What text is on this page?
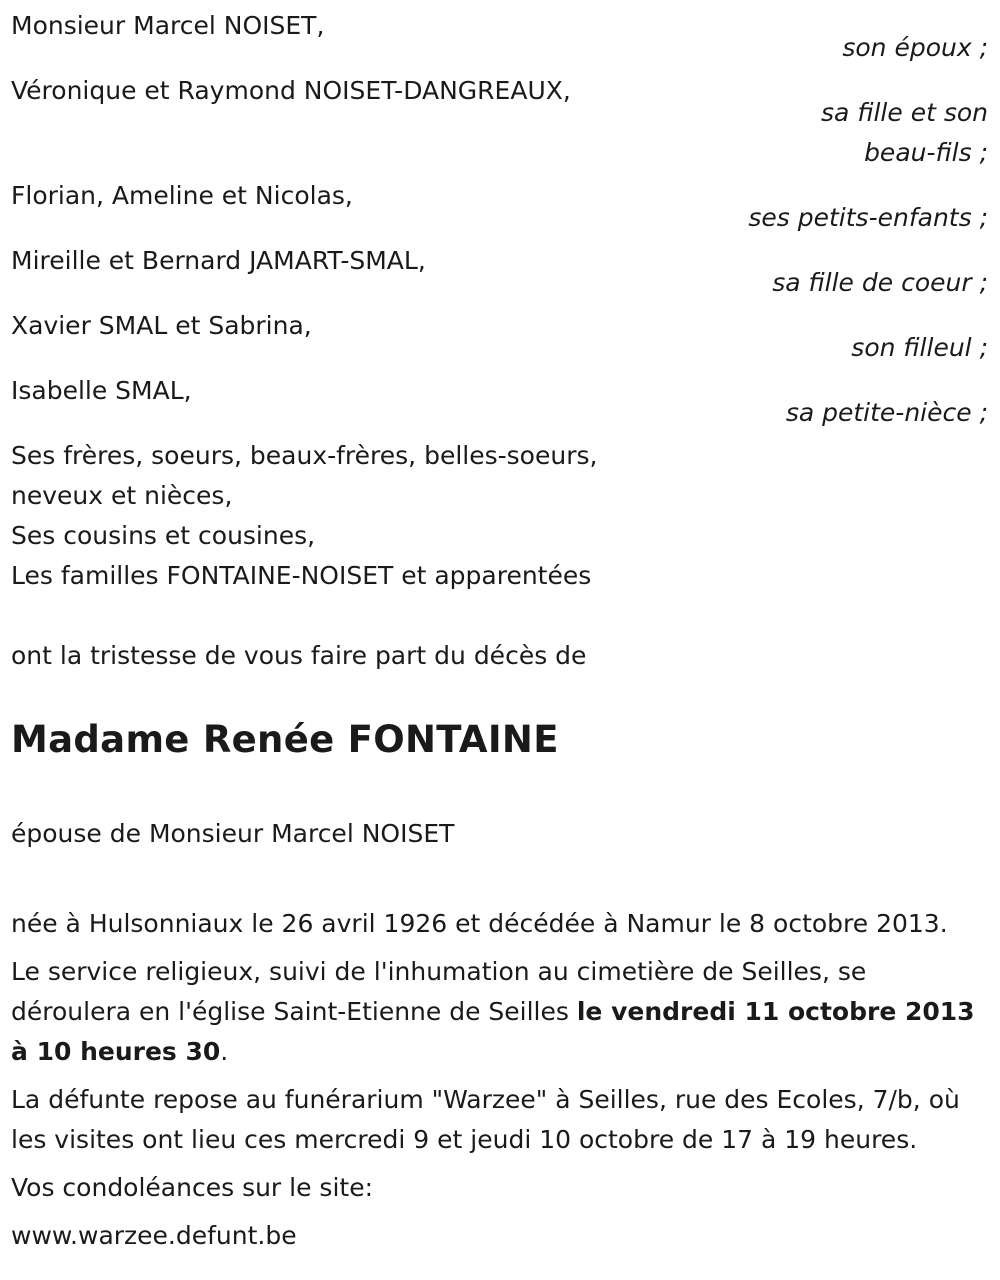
Monsieur Marcel NOISET,
son époux ;
Véronique et Raymond NOISET-DANGREAUX,
sa fille et son beau-fils ;
Florian, Ameline et Nicolas,
ses petits-enfants ;
Mireille et Bernard JAMART-SMAL,
sa fille de coeur ;
Xavier SMAL et Sabrina,
son filleul ;
Isabelle SMAL,
sa petite-nièce ;
Ses frères, soeurs, beaux-frères, belles-soeurs,
neveux et nièces,
Ses cousins et cousines,
Les familles FONTAINE-NOISET et apparentées
ont la tristesse de vous faire part du décès de
Madame Renée FONTAINE
épouse de Monsieur Marcel NOISET
née à Hulsonniaux le 26 avril 1926 et décédée à Namur le 8 octobre 2013.
Le service religieux, suivi de l'inhumation au cimetière de Seilles, se déroulera en l'église Saint-Etienne de Seilles le vendredi 11 octobre 2013 à 10 heures 30.
La défunte repose au funérarium "Warzee" à Seilles, rue des Ecoles, 7/b, où les visites ont lieu ces mercredi 9 et jeudi 10 octobre de 17 à 19 heures.
Vos condoléances sur le site:
www.warzee.defunt.be
